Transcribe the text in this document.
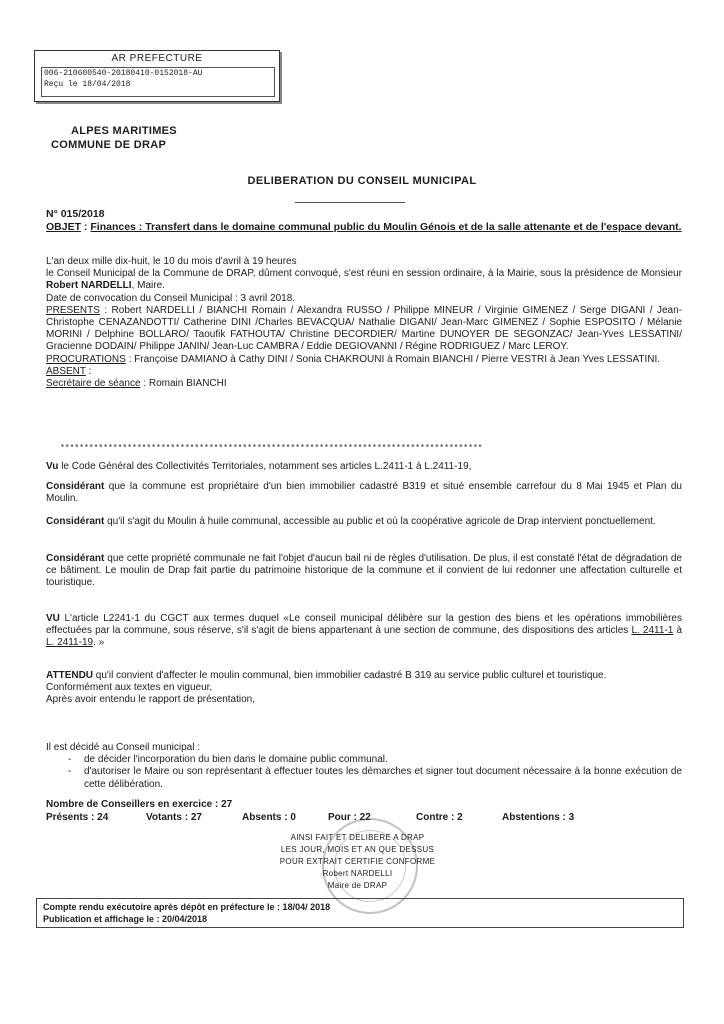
AR PREFECTURE
006-210600540-20180410-0152018-AU
Reçu le 18/04/2018
ALPES MARITIMES
COMMUNE DE DRAP
DELIBERATION DU CONSEIL MUNICIPAL
N° 015/2018
OBJET : Finances : Transfert dans le domaine communal public du Moulin Génois et de la salle attenante et de l'espace devant.
L'an deux mille dix-huit, le 10 du mois d'avril à 19 heures
le Conseil Municipal de la Commune de DRAP, dûment convoqué, s'est réuni en session ordinaire, à la Mairie, sous la présidence de Monsieur Robert NARDELLI, Maire.
Date de convocation du Conseil Municipal : 3 avril 2018.
PRESENTS : Robert NARDELLI / BIANCHI Romain / Alexandra RUSSO / Philippe MINEUR / Virginie GIMENEZ / Serge DIGANI / Jean-Christophe CENAZANDOTTI/ Catherine DINI /Charles BEVACQUA/ Nathalie DIGANI/ Jean-Marc GIMENEZ / Sophie ESPOSITO / Mélanie MORINI / Delphine BOLLARO/ Taoufik FATHOUTA/ Christine DECORDIER/ Martine DUNOYER DE SEGONZAC/ Jean-Yves LESSATINI/ Gracienne DODAIN/ Philippe JANIN/ Jean-Luc CAMBRA / Eddie DEGIOVANNI / Régine RODRIGUEZ / Marc LEROY.
PROCURATIONS : Françoise DAMIANO à Cathy DINI / Sonia CHAKROUNI à Romain BIANCHI / Pierre VESTRI à Jean Yves LESSATINI.
ABSENT :
Secrétaire de séance : Romain BIANCHI
****************************************************************************************
Vu le Code Général des Collectivités Territoriales, notamment ses articles L.2411-1 à L.2411-19,
Considérant que la commune est propriétaire d'un bien immobilier cadastré B319 et situé ensemble carrefour du 8 Mai 1945 et Plan du Moulin.
Considérant qu'il s'agit du Moulin à huile communal, accessible au public et où la coopérative agricole de Drap intervient ponctuellement.
Considérant que cette propriété communale ne fait l'objet d'aucun bail ni de règles d'utilisation. De plus, il est constaté l'état de dégradation de ce bâtiment. Le moulin de Drap fait partie du patrimoine historique de la commune et il convient de lui redonner une affectation culturelle et touristique.
VU L'article L2241-1 du CGCT aux termes duquel «Le conseil municipal délibère sur la gestion des biens et les opérations immobilières effectuées par la commune, sous réserve, s'il s'agit de biens appartenant à une section de commune, des dispositions des articles L. 2411-1 à L. 2411-19. »
ATTENDU qu'il convient d'affecter le moulin communal, bien immobilier cadastré B 319 au service public culturel et touristique.
Conformément aux textes en vigueur,
Après avoir entendu le rapport de présentation,
Il est décidé au Conseil municipal :
- de décider l'incorporation du bien dans le domaine public communal.
- d'autoriser le Maire ou son représentant à effectuer toutes les démarches et signer tout document nécessaire à la bonne exécution de cette délibération.
Nombre de Conseillers en exercice : 27
Présents : 24	Votants : 27	Absents : 0	Pour : 22	Contre : 2	Abstentions : 3
AINSI FAIT ET DELIBERE A DRAP
LES JOUR, MOIS ET AN QUE DESSUS
POUR EXTRAIT CERTIFIE CONFORME
Robert NARDELLI
Maire de DRAP
Compte rendu exécutoire après dépôt en préfecture le : 18/04/ 2018
Publication et affichage le : 20/04/2018
